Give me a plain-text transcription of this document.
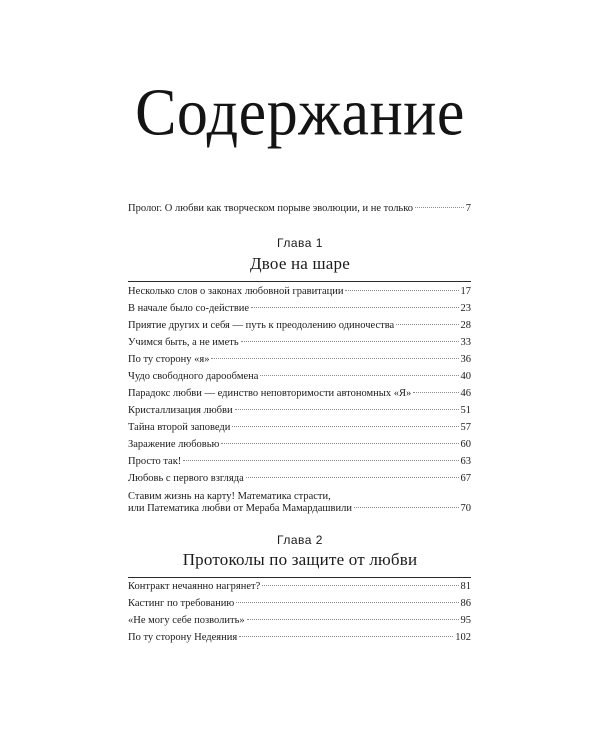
Содержание
Пролог. О любви как творческом порыве эволюции, и не только	7
Глава 1
Двое на шаре
Несколько слов о законах любовной гравитации	17
В начале было со-действие	23
Приятие других и себя — путь к преодолению одиночества	28
Учимся быть, а не иметь	33
По ту сторону «я»	36
Чудо свободного дарообмена	40
Парадокс любви — единство неповторимости автономных «Я»	46
Кристаллизация любви	51
Тайна второй заповеди	57
Заражение любовью	60
Просто так!	63
Любовь с первого взгляда	67
Ставим жизнь на карту! Математика страсти,
или Патематика любви от Мераба Мамардашвили	70
Глава 2
Протоколы по защите от любви
Контракт нечаянно нагрянет?	81
Кастинг по требованию	86
«Не могу себе позволить»	95
По ту сторону Недеяния	102
